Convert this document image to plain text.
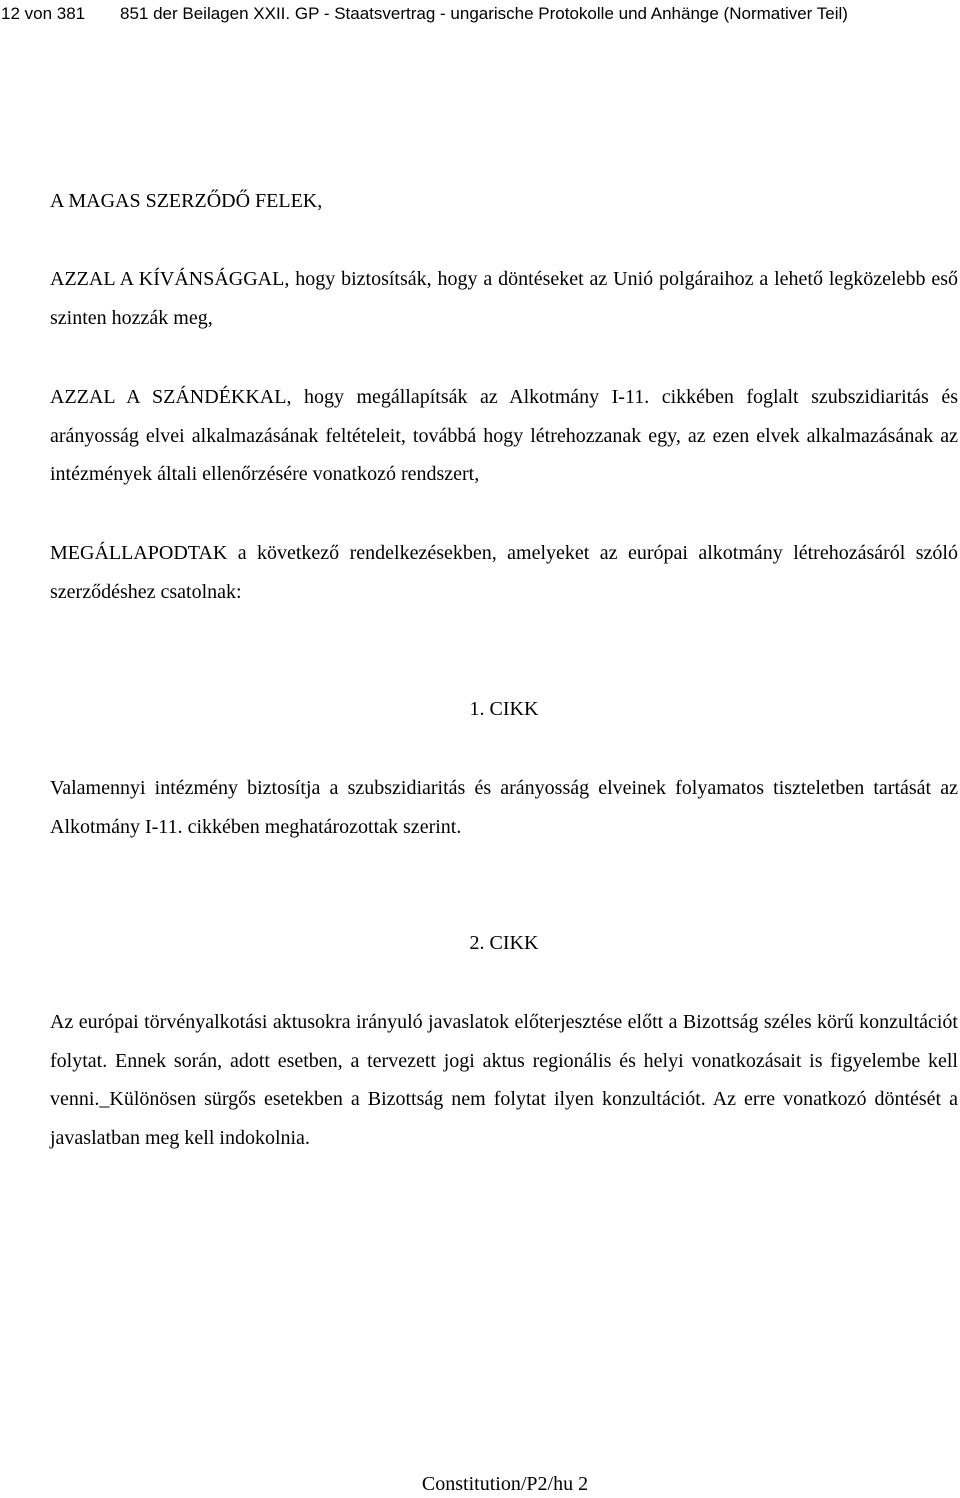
12 von 381 851 der Beilagen XXII. GP - Staatsvertrag - ungarische Protokolle und Anhänge (Normativer Teil)

A MAGAS SZERZŐDŐ FELEK,

AZZAL A KÍVÁNSÁGGAL, hogy biztosítsák, hogy a döntéseket az Unió polgáraihoz a lehető legközelebb eső szinten hozzák meg,

AZZAL A SZÁNDÉKKAL, hogy megállapítsák az Alkotmány I-11. cikkében foglalt szubszidiaritás és arányosság elvei alkalmazásának feltételeit, továbbá hogy létrehozzanak egy, az ezen elvek alkalmazásának az intézmények általi ellenőrzésére vonatkozó rendszert,

MEGÁLLAPODTAK a következő rendelkezésekben, amelyeket az európai alkotmány létrehozásáról szóló szerződéshez csatolnak:

1. CIKK

Valamennyi intézmény biztosítja a szubszidiaritás és arányosság elveinek folyamatos tiszteletben tartását az Alkotmány I-11. cikkében meghatározottak szerint.

2. CIKK

Az európai törvényalkotási aktusokra irányuló javaslatok előterjesztése előtt a Bizottság széles körű konzultációt folytat. Ennek során, adott esetben, a tervezett jogi aktus regionális és helyi vonatkozásait is figyelembe kell venni._Különösen sürgős esetekben a Bizottság nem folytat ilyen konzultációt. Az erre vonatkozó döntését a javaslatban meg kell indokolnia.

Constitution/P2/hu 2
